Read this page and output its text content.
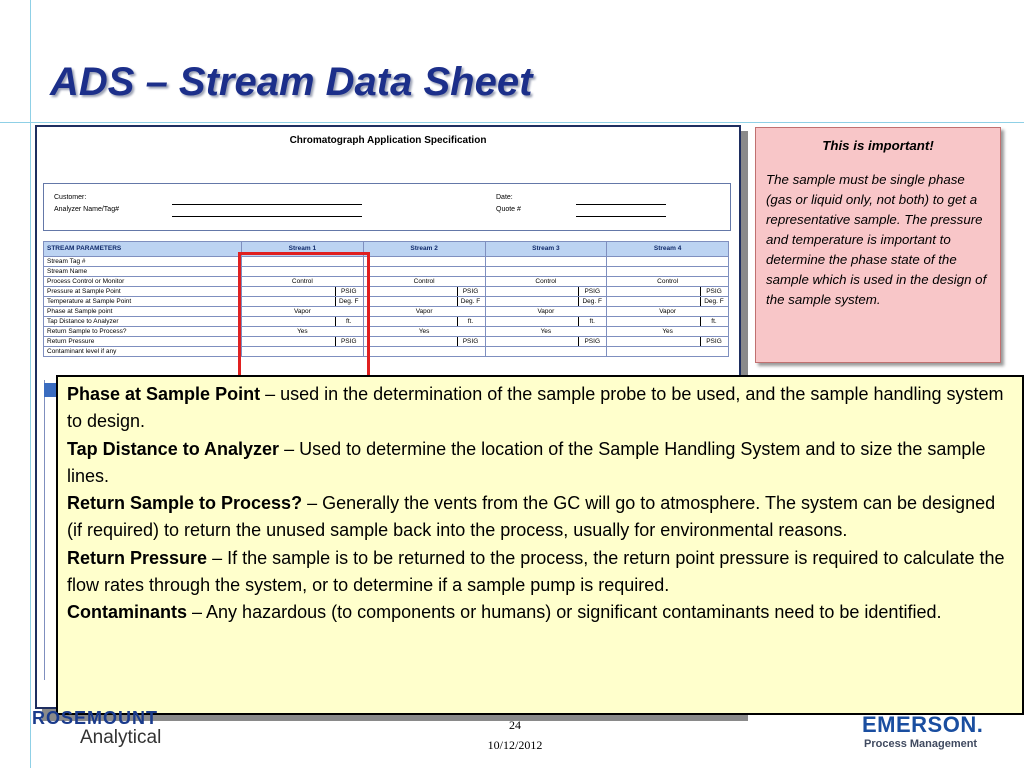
ADS – Stream Data Sheet
Chromatograph Application Specification
Customer:
Analyzer Name/Tag#
Date:
Quote #
STREAM PARAMETERS	Stream 1	Stream 2	Stream 3	Stream 4
Stream Tag #				
Stream Name				
Process Control or Monitor	Control	Control	Control	Control
Pressure at Sample Point	PSIG	PSIG	PSIG	PSIG

Temperature at Sample Point	Deg. F	Deg. F	Deg. F	Deg. F

Phase at Sample point	Vapor	Vapor	Vapor	Vapor
Tap Distance to Analyzer	ft.	ft.	ft.	ft.

Return Sample to Process?	Yes	Yes	Yes	Yes
Return Pressure	PSIG	PSIG	PSIG	PSIG

Contaminant level if any				
This is important!
The sample must be single phase (gas or liquid only, not both) to get a representative sample. The pressure and temperature is important to determine the phase state of the sample which is used in the design of the sample system.

Phase at Sample Point – used in the determination of the sample probe to be used, and the sample handling system to design.

Tap Distance to Analyzer – Used to determine the location of the Sample Handling System and to size the sample lines.

Return Sample to Process? – Generally the vents from the GC will go to atmosphere. The system can be designed (if required) to return the unused sample back into the process, usually for environmental reasons.

Return Pressure – If the sample is to be returned to the process, the return point pressure is required to calculate the flow rates through the system, or to determine if a sample pump is required.

Contaminants – Any hazardous (to components or humans) or significant contaminants need to be identified.

ROSEMOUNT
Analytical
24
10/12/2012
EMERSON.
Process Management
